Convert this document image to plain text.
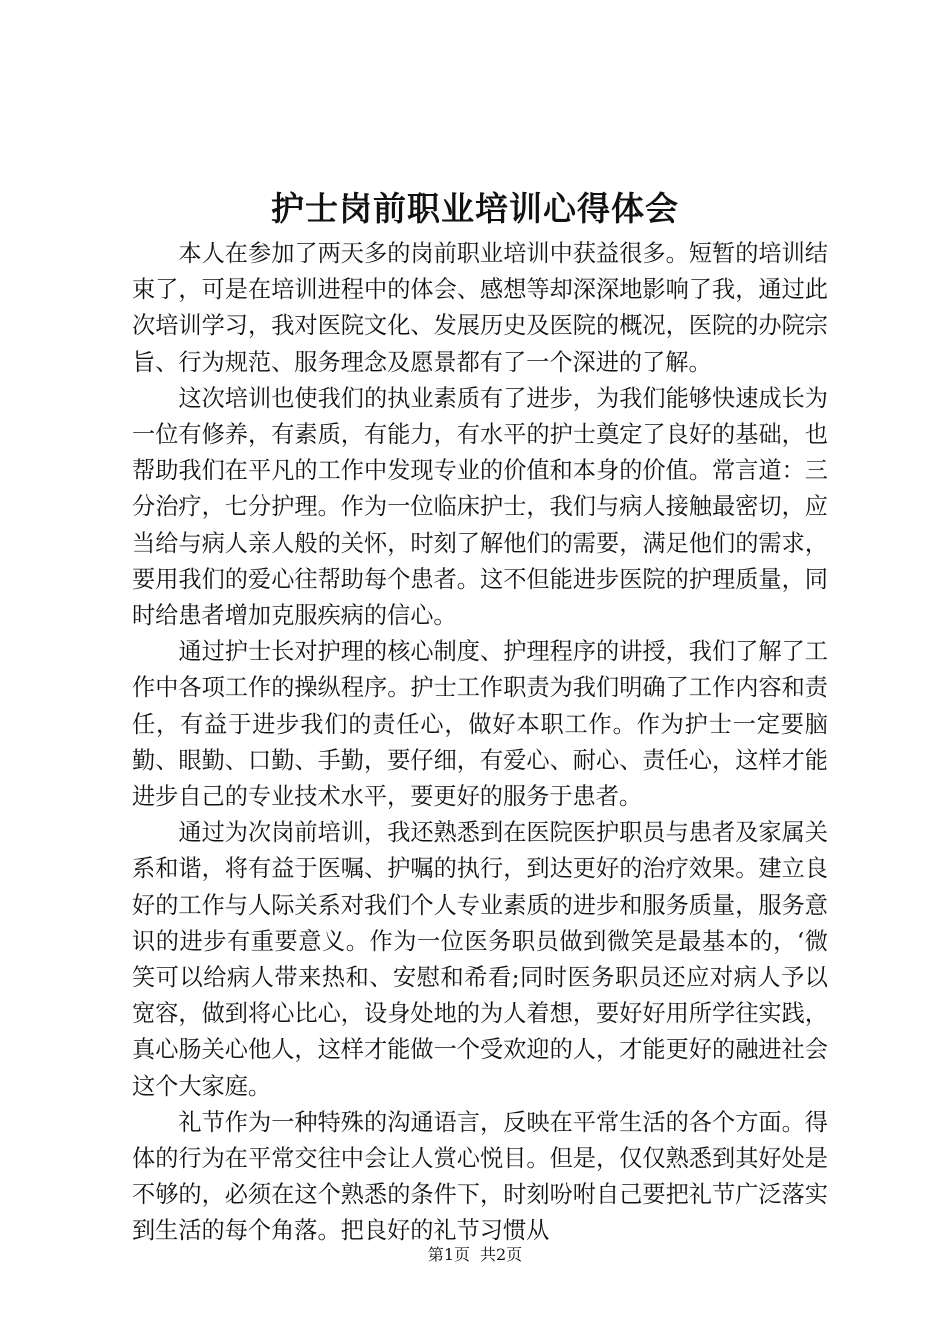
护士岗前职业培训心得体会

本人在参加了两天多的岗前职业培训中获益很多。短暂的培训结束了，可是在培训进程中的体会、感想等却深深地影响了我，通过此次培训学习，我对医院文化、发展历史及医院的概况，医院的办院宗旨、行为规范、服务理念及愿景都有了一个深进的了解。

这次培训也使我们的执业素质有了进步，为我们能够快速成长为一位有修养，有素质，有能力，有水平的护士奠定了良好的基础，也帮助我们在平凡的工作中发现专业的价值和本身的价值。常言道：三分治疗，七分护理。作为一位临床护士，我们与病人接触最密切，应当给与病人亲人般的关怀，时刻了解他们的需要，满足他们的需求，要用我们的爱心往帮助每个患者。这不但能进步医院的护理质量，同时给患者增加克服疾病的信心。

通过护士长对护理的核心制度、护理程序的讲授，我们了解了工作中各项工作的操纵程序。护士工作职责为我们明确了工作内容和责任，有益于进步我们的责任心，做好本职工作。作为护士一定要脑勤、眼勤、口勤、手勤，要仔细，有爱心、耐心、责任心，这样才能进步自己的专业技术水平，要更好的服务于患者。

通过为次岗前培训，我还熟悉到在医院医护职员与患者及家属关系和谐，将有益于医嘱、护嘱的执行，到达更好的治疗效果。建立良好的工作与人际关系对我们个人专业素质的进步和服务质量，服务意识的进步有重要意义。作为一位医务职员做到微笑是最基本的，‘微笑可以给病人带来热和、安慰和希看;同时医务职员还应对病人予以宽容，做到将心比心，设身处地的为人着想，要好好用所学往实践，真心肠关心他人，这样才能做一个受欢迎的人，才能更好的融进社会这个大家庭。

礼节作为一种特殊的沟通语言，反映在平常生活的各个方面。得体的行为在平常交往中会让人赏心悦目。但是，仅仅熟悉到其好处是不够的，必须在这个熟悉的条件下，时刻吩咐自己要把礼节广泛落实到生活的每个角落。把良好的礼节习惯从

第1页 共2页
